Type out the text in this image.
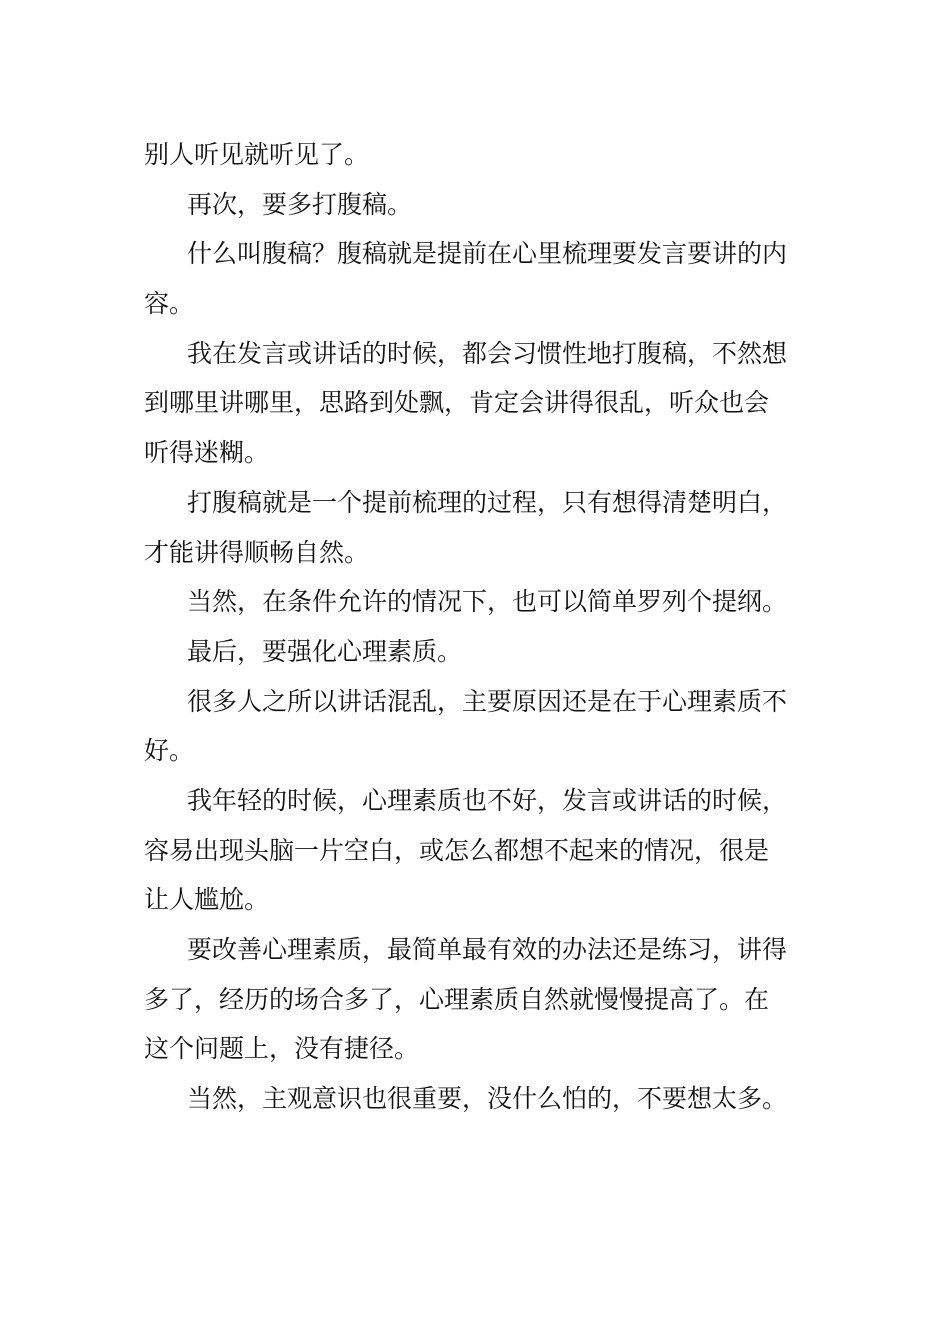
别人听见就听见了。
再次，要多打腹稿。
什么叫腹稿？腹稿就是提前在心里梳理要发言要讲的内
容。
我在发言或讲话的时候，都会习惯性地打腹稿，不然想
到哪里讲哪里，思路到处飘，肯定会讲得很乱，听众也会
听得迷糊。
打腹稿就是一个提前梳理的过程，只有想得清楚明白，
才能讲得顺畅自然。
当然，在条件允许的情况下，也可以简单罗列个提纲。
最后，要强化心理素质。
很多人之所以讲话混乱，主要原因还是在于心理素质不
好。
我年轻的时候，心理素质也不好，发言或讲话的时候，
容易出现头脑一片空白，或怎么都想不起来的情况，很是
让人尴尬。
要改善心理素质，最简单最有效的办法还是练习，讲得
多了，经历的场合多了，心理素质自然就慢慢提高了。在
这个问题上，没有捷径。
当然，主观意识也很重要，没什么怕的，不要想太多。
